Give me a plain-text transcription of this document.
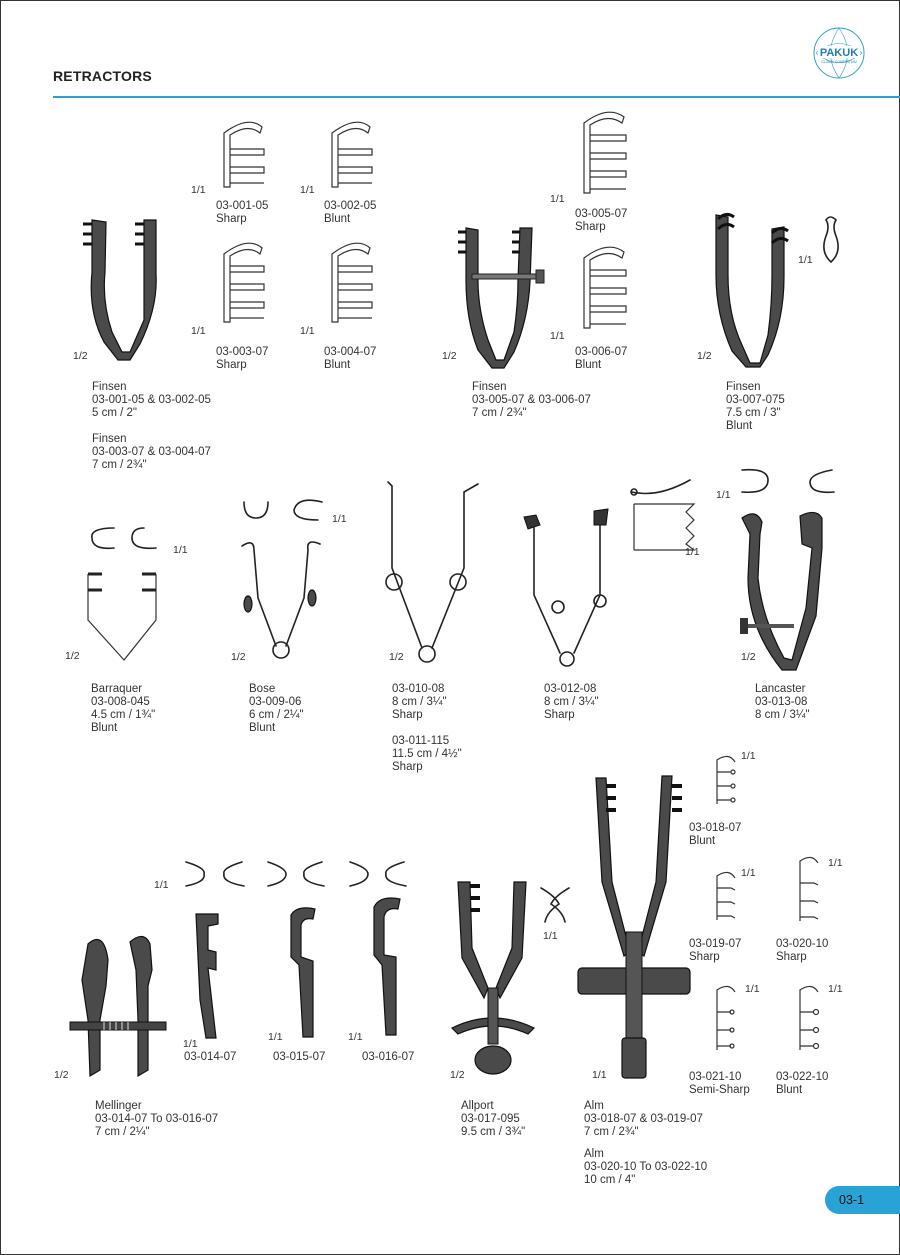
PAKUK
GLOBAL CONSORTIUM
RETRACTORS
1/2
1/1
03-001-05
Sharp
1/1
03-002-05
Blunt
1/1
03-003-07
Sharp
1/1
03-004-07
Blunt
Finsen
03-001-05 & 03-002-05
5 cm / 2"
Finsen
03-003-07 & 03-004-07
7 cm / 2¾"
1/2
1/1
03-005-07
Sharp
1/1
03-006-07
Blunt
Finsen
03-005-07 & 03-006-07
7 cm / 2¾"
1/1
1/2
Finsen
03-007-075
7.5 cm / 3"
Blunt
1/1
1/2
Barraquer
03-008-045
4.5 cm / 1¾"
Blunt
1/1
1/2
Bose
03-009-06
6 cm / 2¼"
Blunt
1/2
03-010-08
8 cm / 3¼"
Sharp
03-011-115
11.5 cm / 4½"
Sharp
1/1
03-012-08
8 cm / 3¼"
Sharp
1/1
1/2
Lancaster
03-013-08
8 cm / 3¼"
1/1
1/2
1/1
03-014-07
1/1
03-015-07
1/1
03-016-07
Mellinger
03-014-07 To 03-016-07
7 cm / 2¼"
1/1
1/2
Allport
03-017-095
9.5 cm / 3¾"
1/1
Alm
03-018-07 & 03-019-07
7 cm / 2¾"
Alm
03-020-10 To 03-022-10
10 cm / 4"
1/1
03-018-07
Blunt
1/1
03-019-07
Sharp
1/1
03-020-10
Sharp
1/1
03-021-10
Semi-Sharp
1/1
03-022-10
Blunt
03-1
